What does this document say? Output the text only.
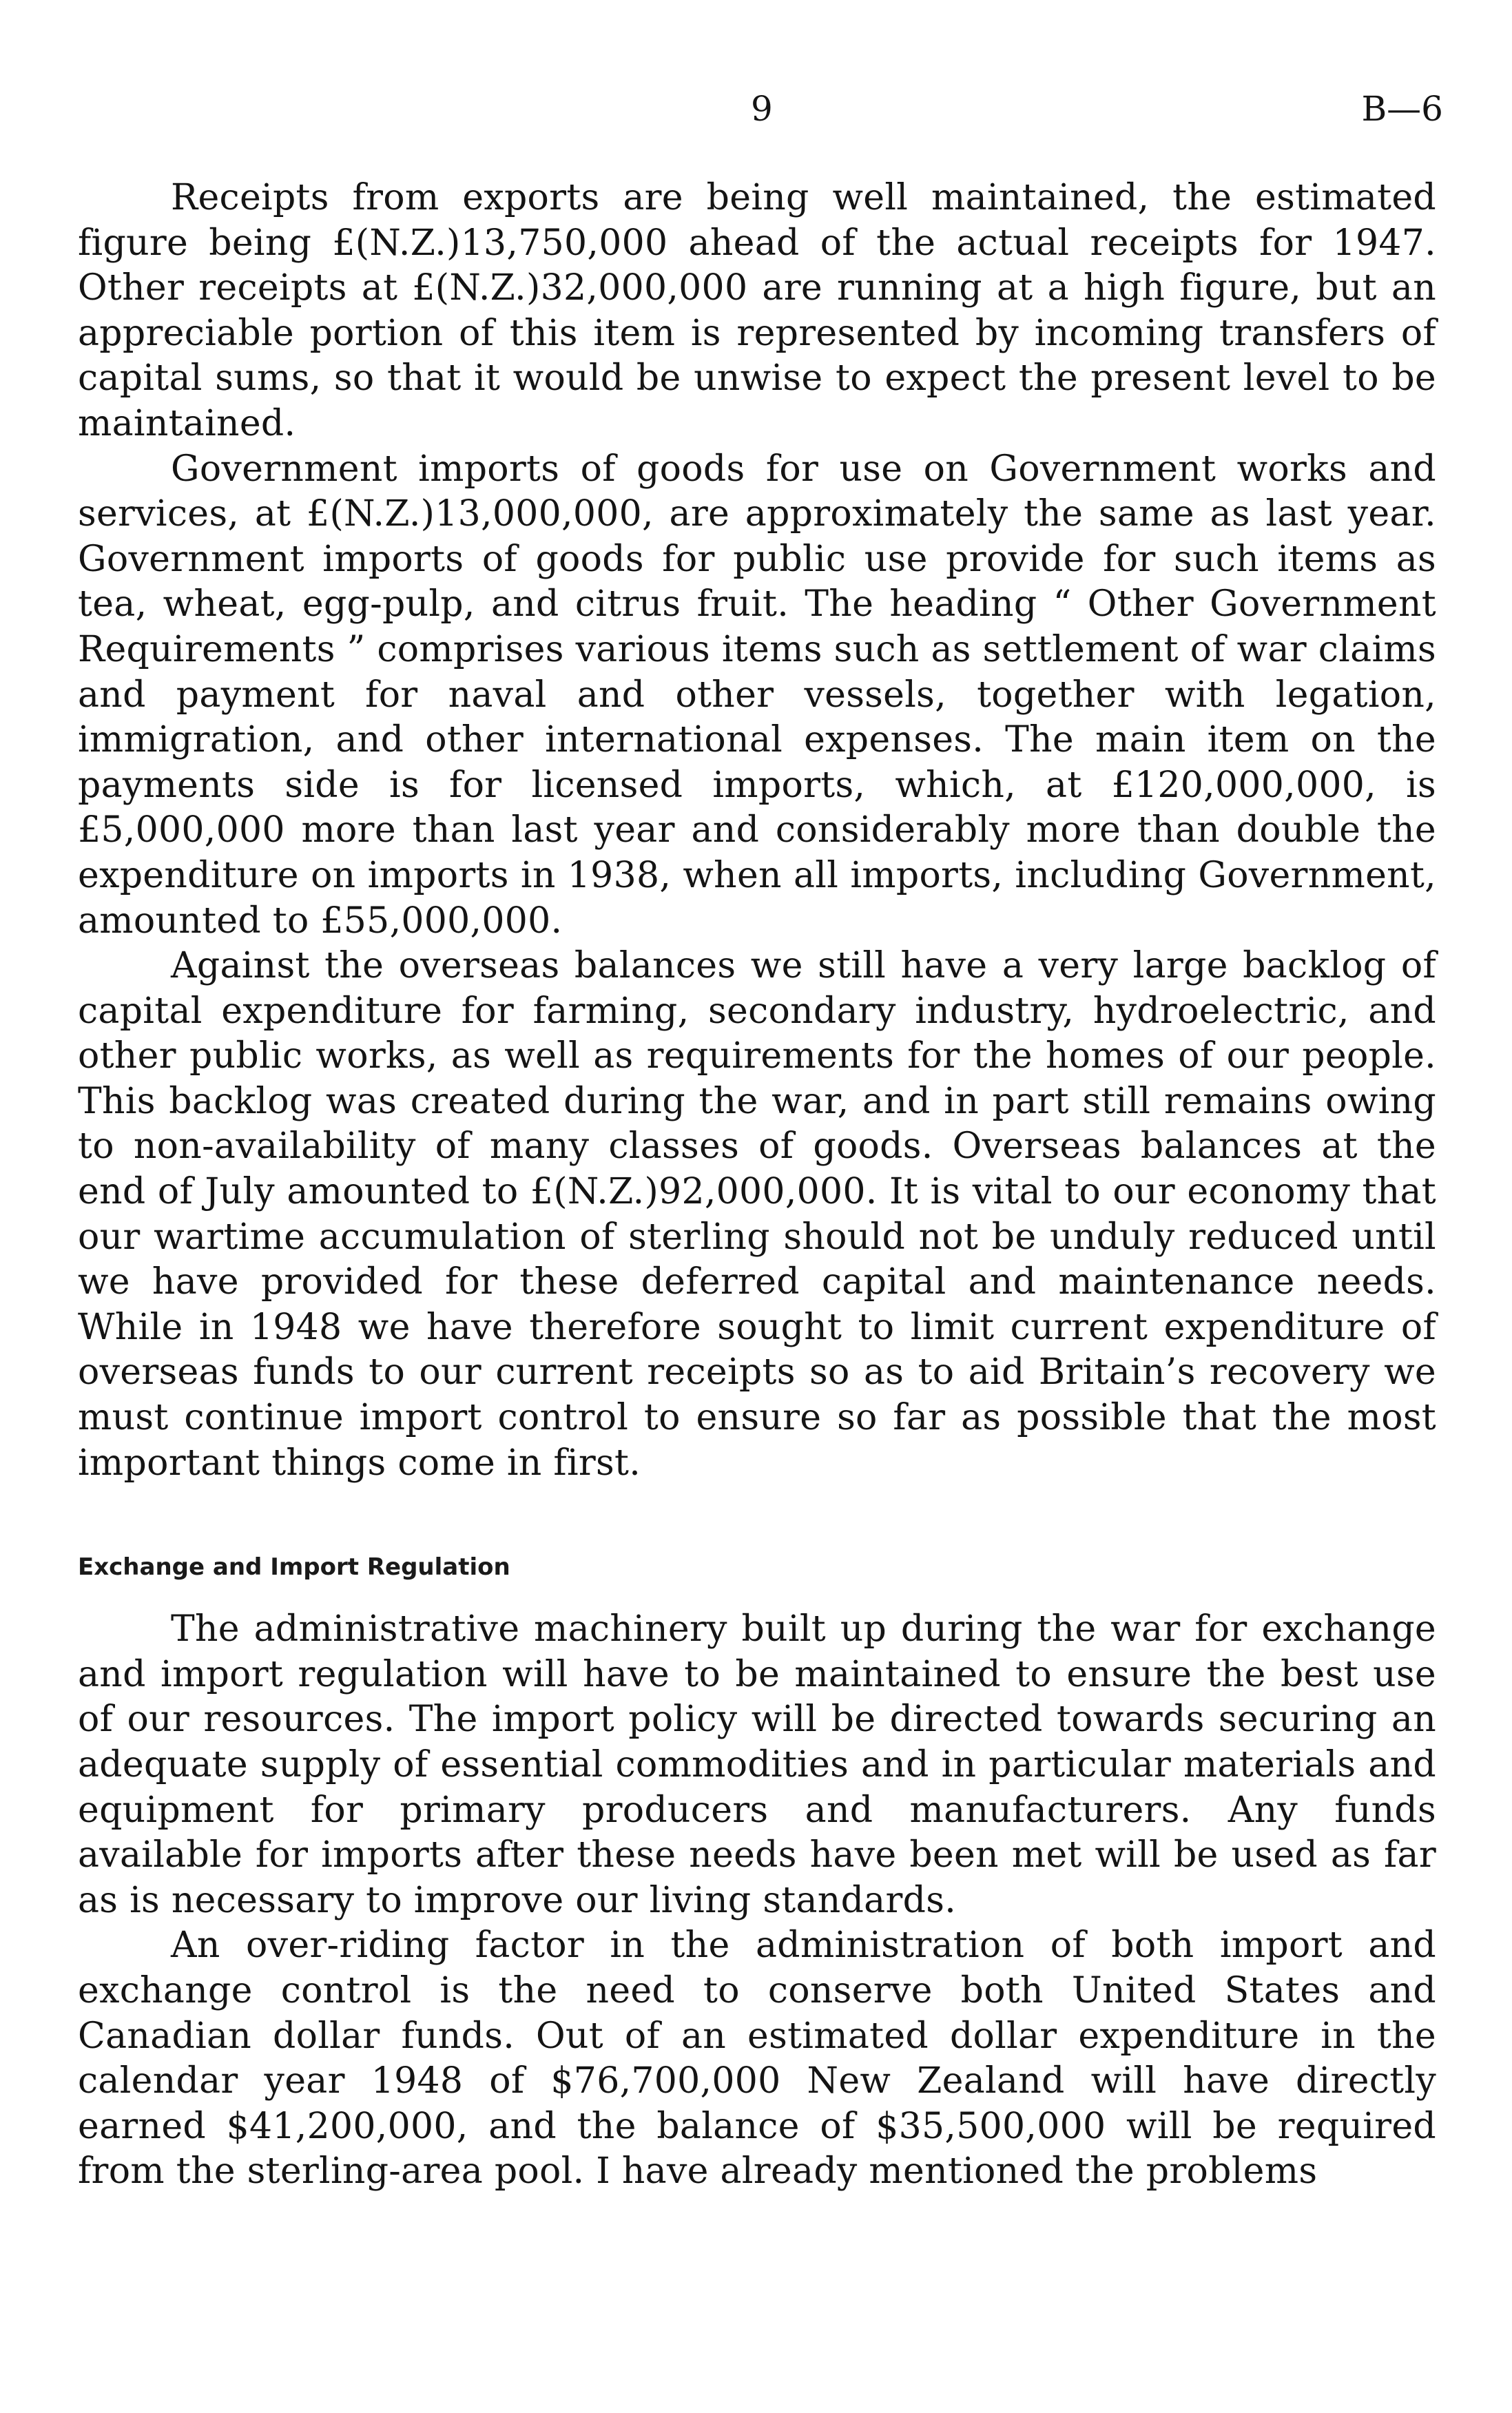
9	B—6

Receipts from exports are being well maintained, the estimated figure being £(N.Z.)13,750,000 ahead of the actual receipts for 1947. Other receipts at £(N.Z.)32,000,000 are running at a high figure, but an appreciable portion of this item is represented by incoming transfers of capital sums, so that it would be unwise to expect the present level to be maintained.

Government imports of goods for use on Government works and services, at £(N.Z.)13,000,000, are approximately the same as last year. Government imports of goods for public use provide for such items as tea, wheat, egg-pulp, and citrus fruit. The heading “ Other Government Requirements ” comprises various items such as settlement of war claims and payment for naval and other vessels, together with legation, immigration, and other international expenses. The main item on the payments side is for licensed imports, which, at £120,000,000, is £5,000,000 more than last year and considerably more than double the expenditure on imports in 1938, when all imports, including Government, amounted to £55,000,000.

Against the overseas balances we still have a very large backlog of capital expenditure for farming, secondary industry, hydroelectric, and other public works, as well as requirements for the homes of our people. This backlog was created during the war, and in part still remains owing to non-availability of many classes of goods. Overseas balances at the end of July amounted to £(N.Z.)92,000,000. It is vital to our economy that our wartime accumulation of sterling should not be unduly reduced until we have provided for these deferred capital and maintenance needs. While in 1948 we have therefore sought to limit current expenditure of overseas funds to our current receipts so as to aid Britain’s recovery we must continue import control to ensure so far as possible that the most important things come in first.

Exchange and Import Regulation

The administrative machinery built up during the war for exchange and import regulation will have to be maintained to ensure the best use of our resources. The import policy will be directed towards securing an adequate supply of essential commodities and in particular materials and equipment for primary producers and manufacturers. Any funds available for imports after these needs have been met will be used as far as is necessary to improve our living standards.

An over-riding factor in the administration of both import and exchange control is the need to conserve both United States and Canadian dollar funds. Out of an estimated dollar expenditure in the calendar year 1948 of $76,700,000 New Zealand will have directly earned $41,200,000, and the balance of $35,500,000 will be required from the sterling-area pool. I have already mentioned the problems
